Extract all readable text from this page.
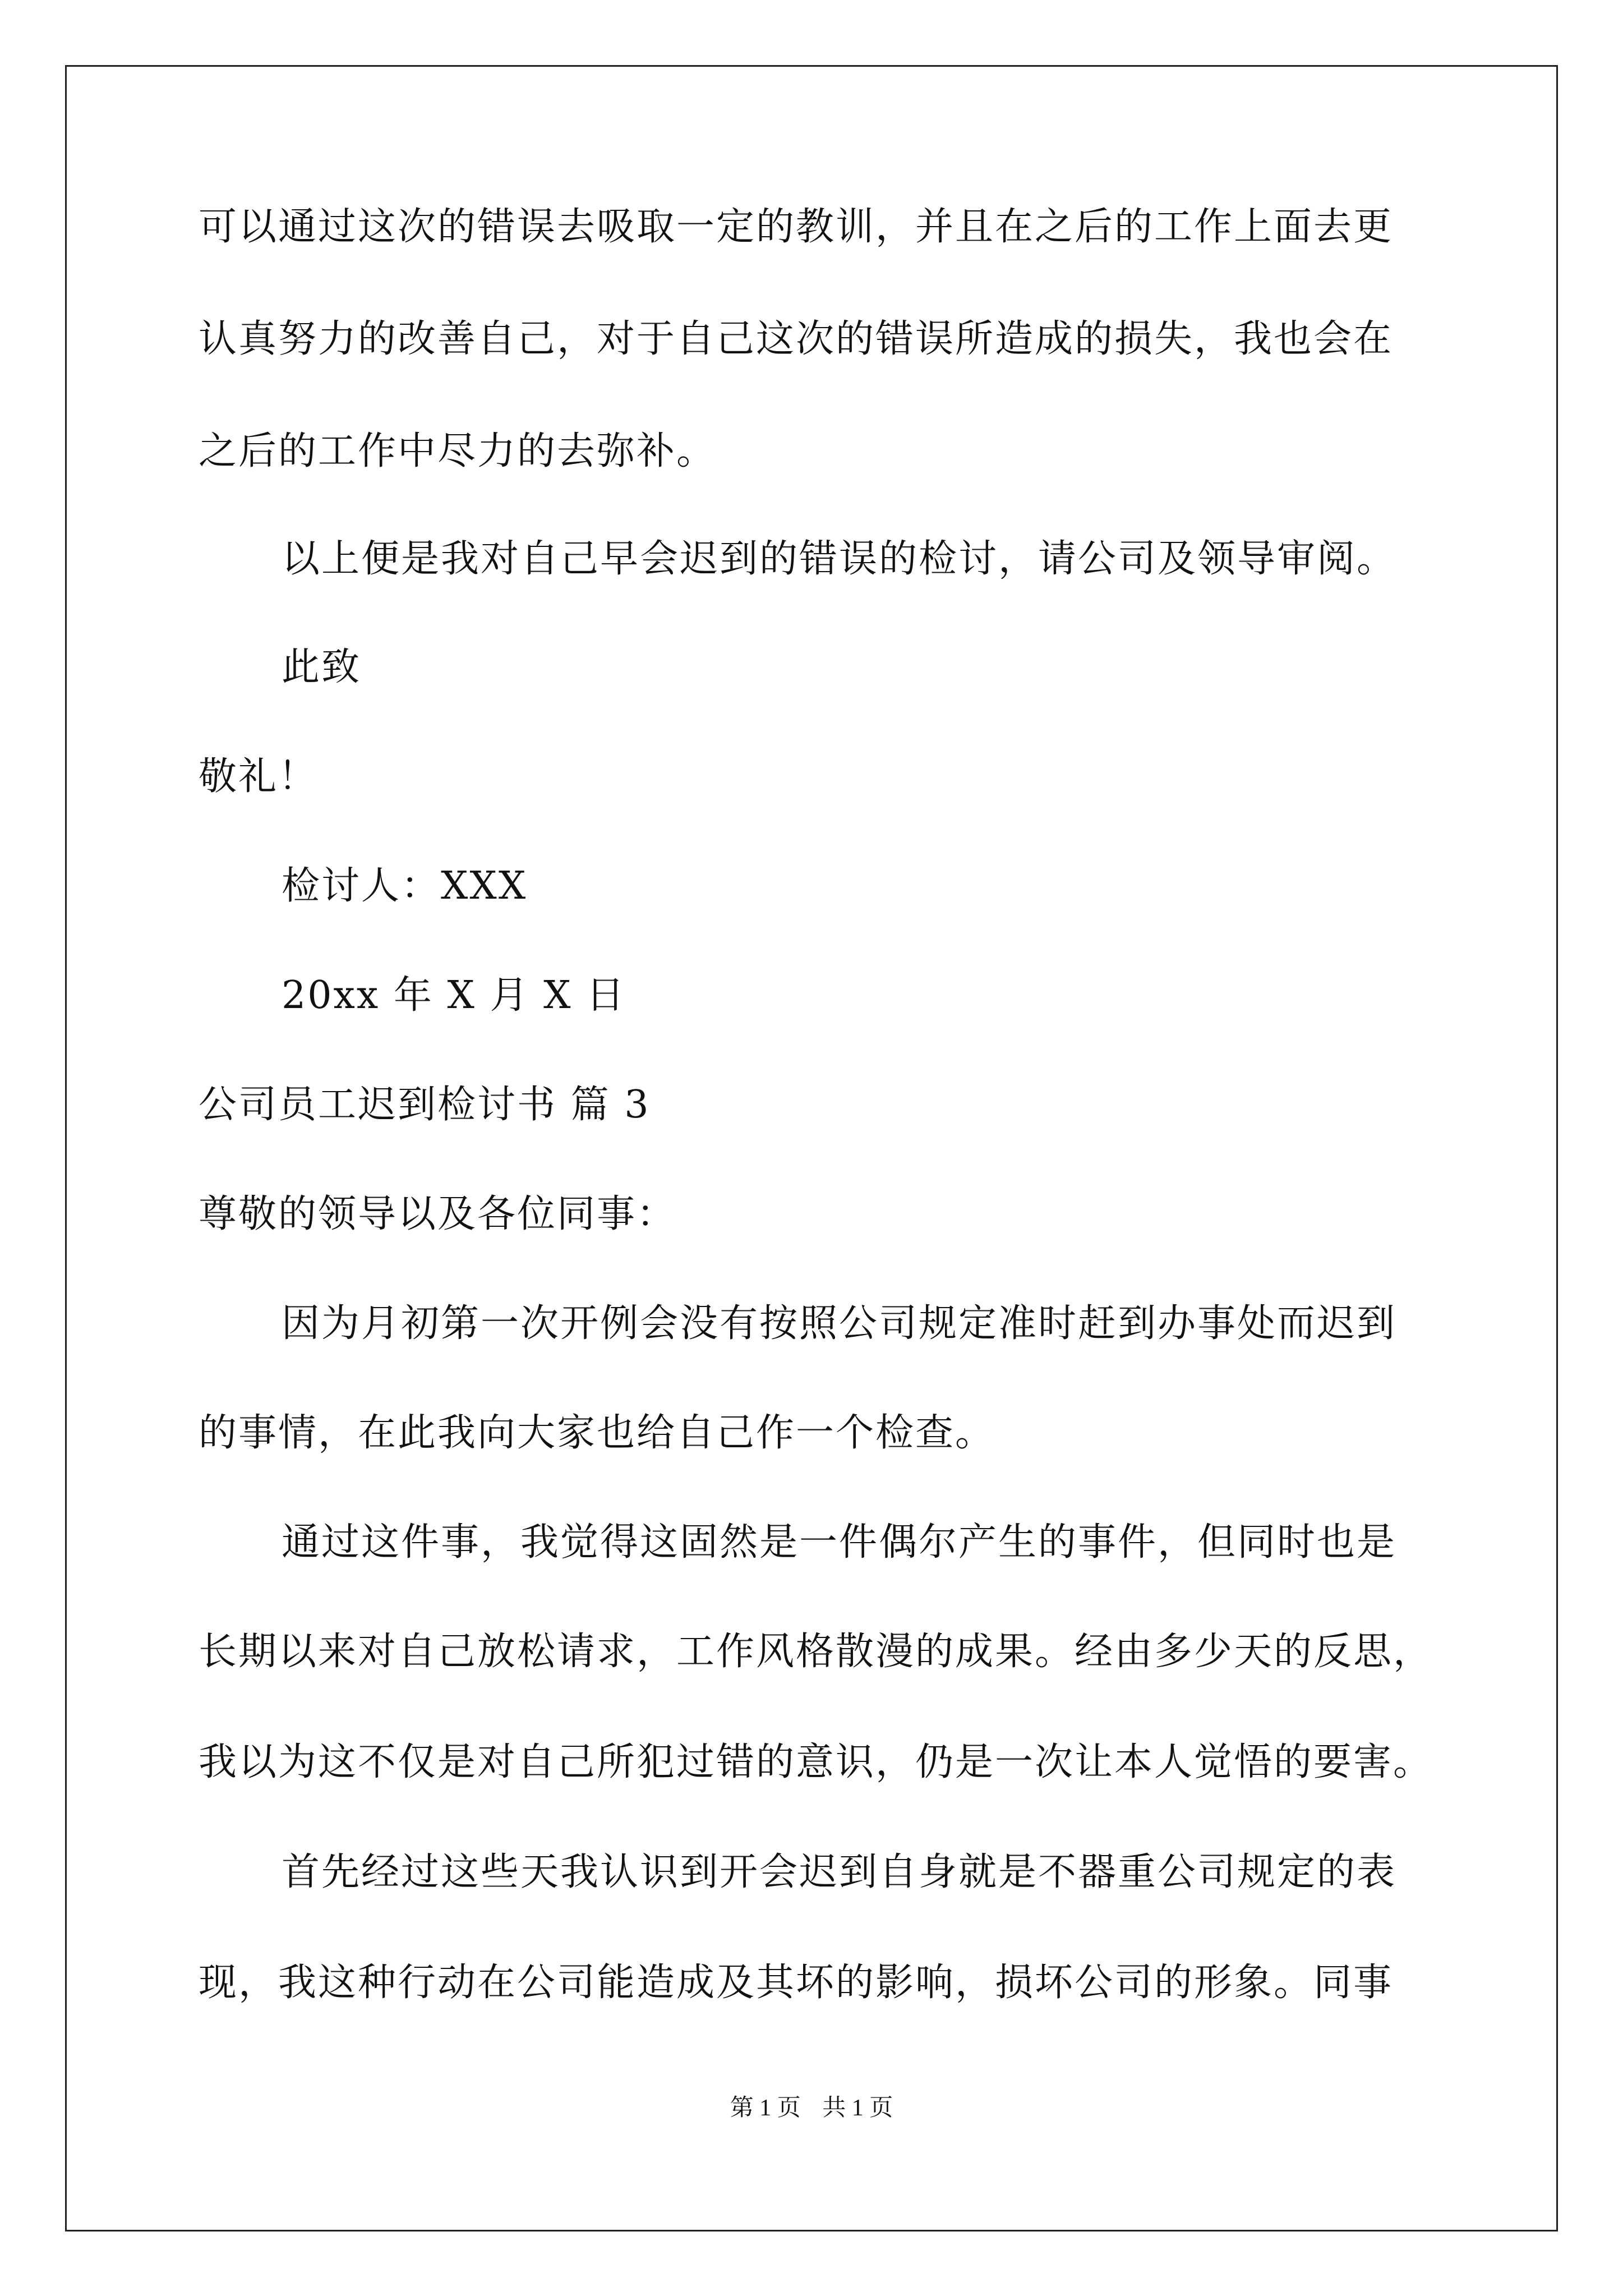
可以通过这次的错误去吸取一定的教训，并且在之后的工作上面去更
认真努力的改善自己，对于自己这次的错误所造成的损失，我也会在
之后的工作中尽力的去弥补。
以上便是我对自己早会迟到的错误的检讨，请公司及领导审阅。
此致
敬礼！
检讨人：XXX
20xx 年 X 月 X 日
公司员工迟到检讨书 篇 3
尊敬的领导以及各位同事：
因为月初第一次开例会没有按照公司规定准时赶到办事处而迟到
的事情，在此我向大家也给自己作一个检查。
通过这件事，我觉得这固然是一件偶尔产生的事件，但同时也是
长期以来对自己放松请求，工作风格散漫的成果。经由多少天的反思，
我以为这不仅是对自己所犯过错的意识，仍是一次让本人觉悟的要害。
首先经过这些天我认识到开会迟到自身就是不器重公司规定的表
现，我这种行动在公司能造成及其坏的影响，损坏公司的形象。同事
第 1 页 共 1 页
